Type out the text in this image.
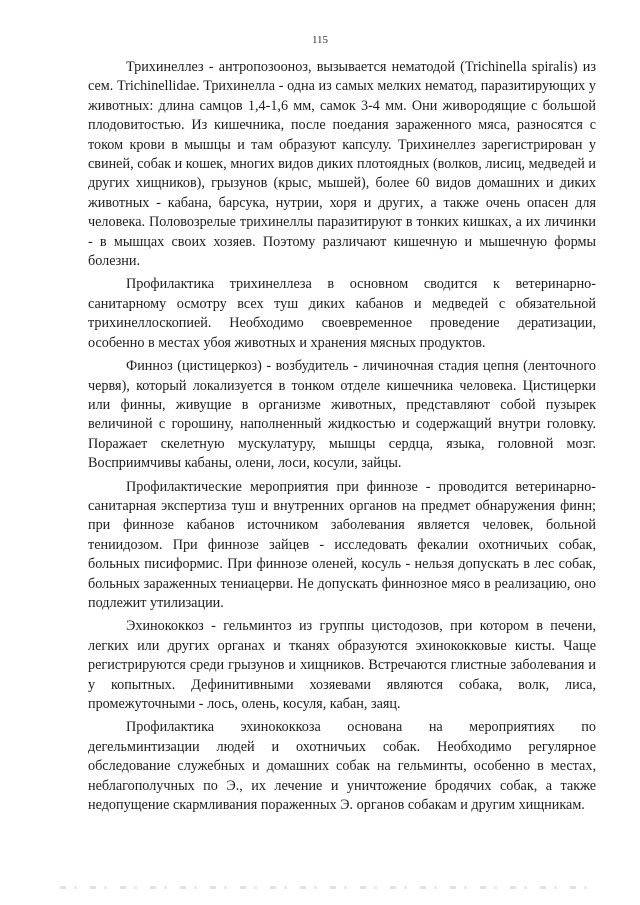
115

Трихинеллез - антропозооноз, вызывается нематодой (Trichinella spiralis) из сем. Trichinellidae. Трихинелла - одна из самых мелких нематод, паразитирующих у животных: длина самцов 1,4-1,6 мм, самок 3-4 мм. Они живородящие с большой плодовитостью. Из кишечника, после поедания зараженного мяса, разносятся с током крови в мышцы и там образуют капсулу. Трихинеллез зарегистрирован у свиней, собак и кошек, многих видов диких плотоядных (волков, лисиц, медведей и других хищников), грызунов (крыс, мышей), более 60 видов домашних и диких животных - кабана, барсука, нутрии, хоря и других, а также очень опасен для человека. Половозрелые трихинеллы паразитируют в тонких кишках, а их личинки - в мышцах своих хозяев. Поэтому различают кишечную и мышечную формы болезни.

Профилактика трихинеллеза в основном сводится к ветеринарно-санитарному осмотру всех туш диких кабанов и медведей с обязательной трихинеллоскопией. Необходимо своевременное проведение дератизации, особенно в местах убоя животных и хранения мясных продуктов.

Финноз (цистицеркоз) - возбудитель - личиночная стадия цепня (ленточного червя), который локализуется в тонком отделе кишечника человека. Цистицерки или финны, живущие в организме животных, представляют собой пузырек величиной с горошину, наполненный жидкостью и содержащий внутри головку. Поражает скелетную мускулатуру, мышцы сердца, языка, головной мозг. Восприимчивы кабаны, олени, лоси, косули, зайцы.

Профилактические мероприятия при финнозе - проводится ветеринарно-санитарная экспертиза туш и внутренних органов на предмет обнаружения финн; при финнозе кабанов источником заболевания является человек, больной тениидозом. При финнозе зайцев - исследовать фекалии охотничьих собак, больных писиформис. При финнозе оленей, косуль - нельзя допускать в лес собак, больных зараженных тениацерви. Не допускать финнозное мясо в реализацию, оно подлежит утилизации.

Эхинококкоз - гельминтоз из группы цистодозов, при котором в печени, легких или других органах и тканях образуются эхинококковые кисты. Чаще регистрируются среди грызунов и хищников. Встречаются глистные заболевания и у копытных. Дефинитивными хозяевами являются собака, волк, лиса, промежуточными - лось, олень, косуля, кабан, заяц.

Профилактика эхинококкоза основана на мероприятиях по дегельминтизации людей и охотничьих собак. Необходимо регулярное обследование служебных и домашних собак на гельминты, особенно в местах, неблагополучных по Э., их лечение и уничтожение бродячих собак, а также недопущение скармливания пораженных Э. органов собакам и другим хищникам.
